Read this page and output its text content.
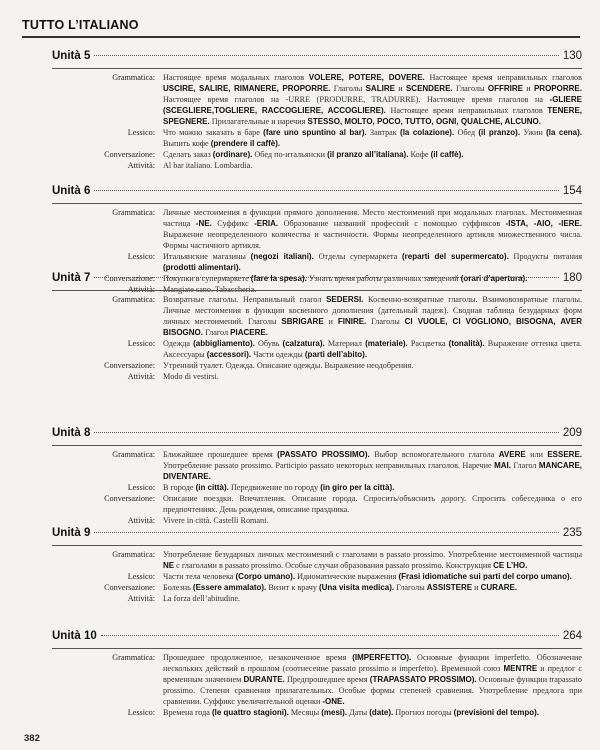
TUTTO L’ITALIANO
Unità 5	130
Grammatica: Настоящее время модальных глаголов VOLERE, POTERE, DOVERE. Настоящее время неправильных глаголов USCIRE, SALIRE, RIMANERE, PROPORRE. Глаголы SALIRE и SCENDERE. Глаголы OFFRIRE и PROPORRE. Настоящее время глаголов на -URRE (PRODURRE, TRADURRE). Настоящее время глаголов на -GLIERE (SCEGLIERE,TOGLIERE, RACCOGLIERE, ACCOGLIERE). Настоящее время неправильных глаголов TENERE, SPEGNERE. Прилагательные и наречия STESSO, MOLTO, POCO, TUTTO, OGNI, QUALCHE, ALCUNO.
Lessico: Что можно заказать в баре (fare uno spuntino al bar). Завтрак (la colazione). Обед (il pranzo). Ужин (la cena). Выпить кофе (prendere il caffè).
Conversazione: Сделать заказ (ordinare). Обед по-итальянски (il pranzo all’italiana). Кофе (il caffè).
Attività: Al bar italiano. Lombardia.
Unità 6	154
Grammatica: Личные местоимения в функции прямого дополнения. Место местоимений при модальных глаголах. Местоименная частица -NE. Суффикс -ERIA. Образование названий профессий с помощью суффиксов -ISTA, -AIO, -IERE. Выражение неопределенного количества и частичности. Формы неопределенного артикля множественного числа. Формы частичного артикля.
Lessico: Итальянские магазины (negozi italiani). Отделы супермаркета (reparti del supermercato). Продукты питания (prodotti alimentari).
Conversazione: Покупки в супермаркете (fare la spesa). Узнать время работы различных заведений (orari d’apertura).
Attività: Mangiate sano. Tabaccheria.
Unità 7	180
Grammatica: Возвратные глаголы. Неправильный глагол SEDERSI. Косвенно-возвратные глаголы. Взаимовозвратные глаголы. Личные местоимения в функции косвенного дополнения (дательный падеж). Сводная таблица безударных форм личных местоимений. Глаголы SBRIGARE и FINIRE. Глаголы CI VUOLE, CI VOGLIONO, BISOGNA, AVER BISOGNO. Глагол PIACERE.
Lessico: Одежда (abbigliamento). Обувь (calzatura). Материал (materiale). Расцветка (tonalità). Выражение оттенка цвета. Аксессуары (accessori). Части одежды (parti dell’abito).
Conversazione: Утренний туалет. Одежда. Описание одежды. Выражение неодобрения.
Attività: Modo di vestirsi.
Unità 8	209
Grammatica: Ближайшее прошедшее время (PASSATO PROSSIMO). Выбор вспомогательного глагола AVERE или ESSERE. Употребление passato prossimo. Participio passato некоторых неправильных глаголов. Наречие MAI. Глагол MANCARE, DIVENTARE.
Lessico: В городе (in città). Передвижение по городу (in giro per la città).
Conversazione: Описание поездки. Впечатления. Описание города. Спросить/объяснить дорогу. Спросить собеседника о его предпочтениях. День рождения, описание праздника.
Attività: Vivere in città. Castelli Romani.
Unità 9	235
Grammatica: Употребление безударных личных местоимений с глаголами в passato prossimo. Употребление местоименной частицы NE с глаголами в passato prossimo. Особые случаи образования passato prossimo. Конструкция CE L’HO.
Lessico: Части тела человека (Corpo umano). Идиоматические выражения (Frasi idiomatiche sui parti del corpo umano).
Conversazione: Болезнь (Essere ammalato). Визит к врачу (Una visita medica). Глаголы ASSISTERE и CURARE.
Attività: La forza dell’abitudine.
Unità 10	264
Grammatica: Прошедшее продолженное, незаконченное время (IMPERFETTO). Основные функции imperfetto. Обозначение нескольких действий в прошлом (соотнесение passato prossimo и imperfetto). Временной союз MENTRE и предлог с временным значением DURANTE. Предпрошедшее время (TRAPASSATO PROSSIMO). Основные функции trapassato prossimo. Степени сравнения прилагательных. Особые формы степеней сравнения. Употребление предлога при сравнении. Суффикс увеличительной оценки -ONE.
Lessico: Времена года (le quattro stagioni). Месяцы (mesi). Даты (date). Прогноз погоды (previsioni del tempo).
382
